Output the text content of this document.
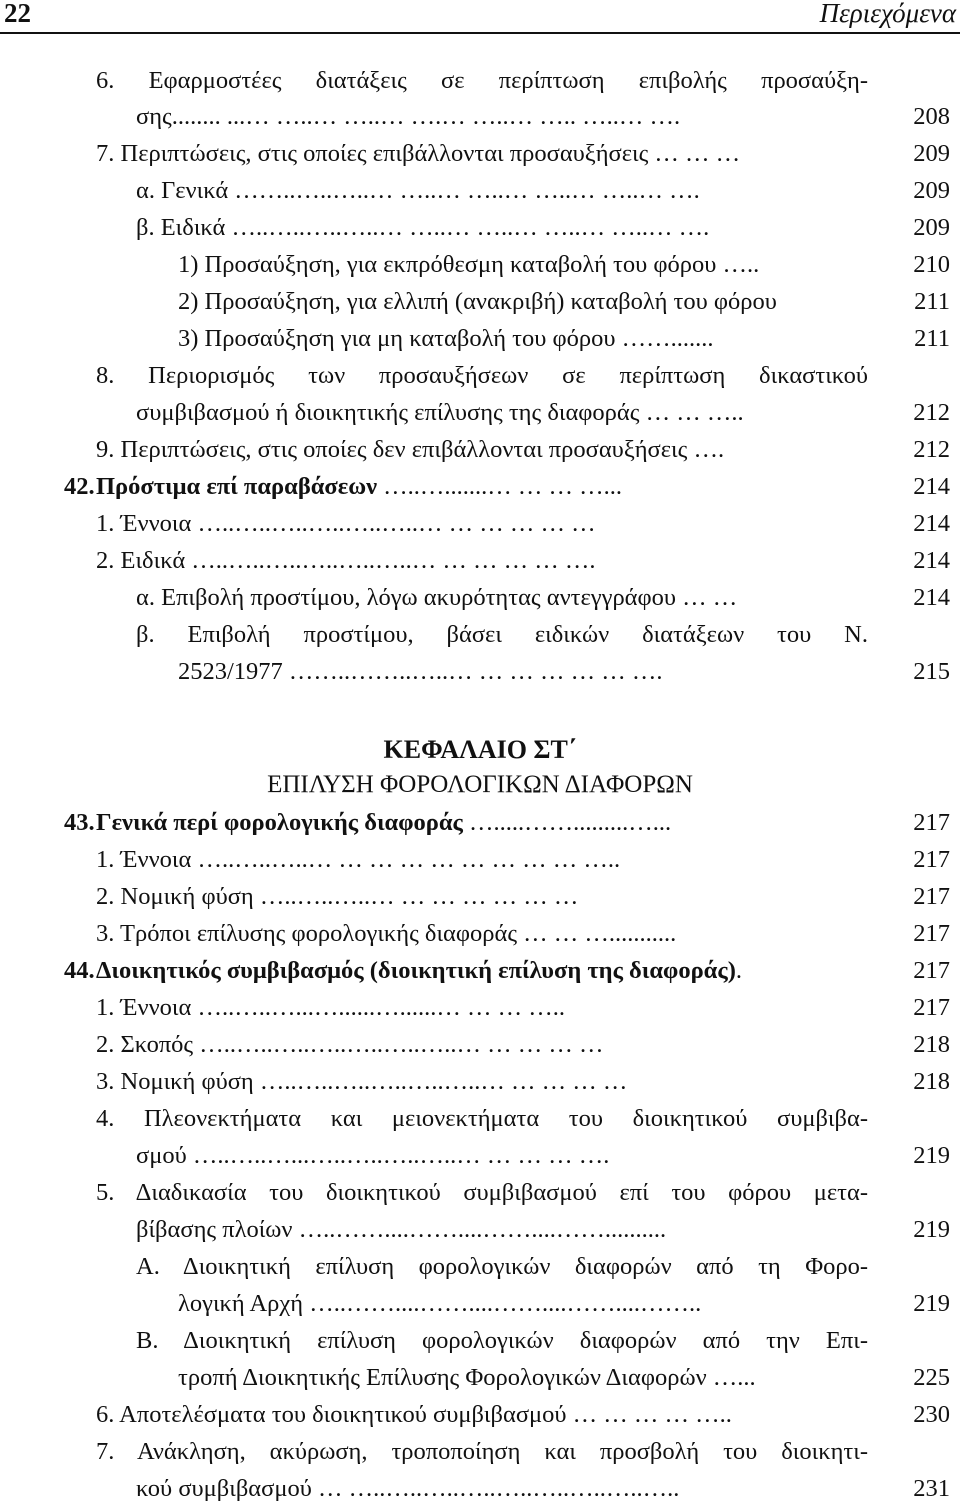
22	Περιεχόμενα
6. Εφαρμοστέες διατάξεις σε περίπτωση επιβολής προσαύξη-
σης........ ...… …..… …..… ….… …..… ….. …..… ….	208
7. Περιπτώσεις, στις οποίες επιβάλλονται προσαυξήσεις … … …	209
α. Γενικά ……..…..…..… …..… …..… …..… …..… ….	209
β. Ειδικά …..…..…..…..… …..… …..… …..… …..… ….	209
1) Προσαύξηση, για εκπρόθεσμη καταβολή του φόρου …..	210
2) Προσαύξηση, για ελλιπή (ανακριβή) καταβολή του φόρου	211
3) Προσαύξηση για μη καταβολή του φόρου …….......	211
8. Περιορισμός των προσαυξήσεων σε περίπτωση δικαστικού
συμβιβασμού ή διοικητικής επίλυσης της διαφοράς … … …..	212
9. Περιπτώσεις, στις οποίες δεν επιβάλλονται προσαυξήσεις ….	212
42. Πρόστιμα επί παραβάσεων …..….......… … … …...	214
1. Έννοια …..…..…..…..…..…..… … … … … …	214
2. Ειδικά …..…..…..…..…..…..… … … … … ….	214
α. Επιβολή προστίμου, λόγω ακυρότητας αντεγγράφου … …	214
β. Επιβολή προστίμου, βάσει ειδικών διατάξεων του Ν.
2523/1977 ……..……..…..… … … … … … ….	215
ΚΕΦΑΛΑΙΟ ΣΤ΄
ΕΠΙΛΥΣΗ ΦΟΡΟΛΟΓΙΚΩΝ ΔΙΑΦΟΡΩΝ
43. Γενικά περί φορολογικής διαφοράς ….....…….........…...	217
1. Έννοια …..…..…..… … … … … … … … … …..	217
2. Νομική φύση …..…..…..… … … … … … …	217
3. Τρόποι επίλυσης φορολογικής διαφοράς … … …...........	217
44. Διοικητικός συμβιβασμός (διοικητική επίλυση της διαφοράς).	217
1. Έννοια …..…..…...…......…......… … … …..	217
2. Σκοπός …..…..…..…..…..…..…..… … … … …	218
3. Νομική φύση …..…..…..…..…..…..… … … … …	218
4. Πλεονεκτήματα και μειονεκτήματα του διοικητικού συμβιβα-
σμού …..…..…...…..…..…..…..… … … … ….	219
5. Διαδικασία του διοικητικού συμβιβασμού επί του φόρου μετα-
βίβασης πλοίων …..……....……....……....……..........	219
Α. Διοικητική επίλυση φορολογικών διαφορών από τη Φορο-
λογική Αρχή …..……....……....……....……....……..	219
Β. Διοικητική επίλυση φορολογικών διαφορών από την Επι-
τροπή Διοικητικής Επίλυσης Φορολογικών Διαφορών …...	225
6. Αποτελέσματα του διοικητικού συμβιβασμού … … … … …..	230
7. Ανάκληση, ακύρωση, τροποποίηση και προσβολή του διοικητι-
κού συμβιβασμού … …..…..…..…..…..…..…..…..…..	231
